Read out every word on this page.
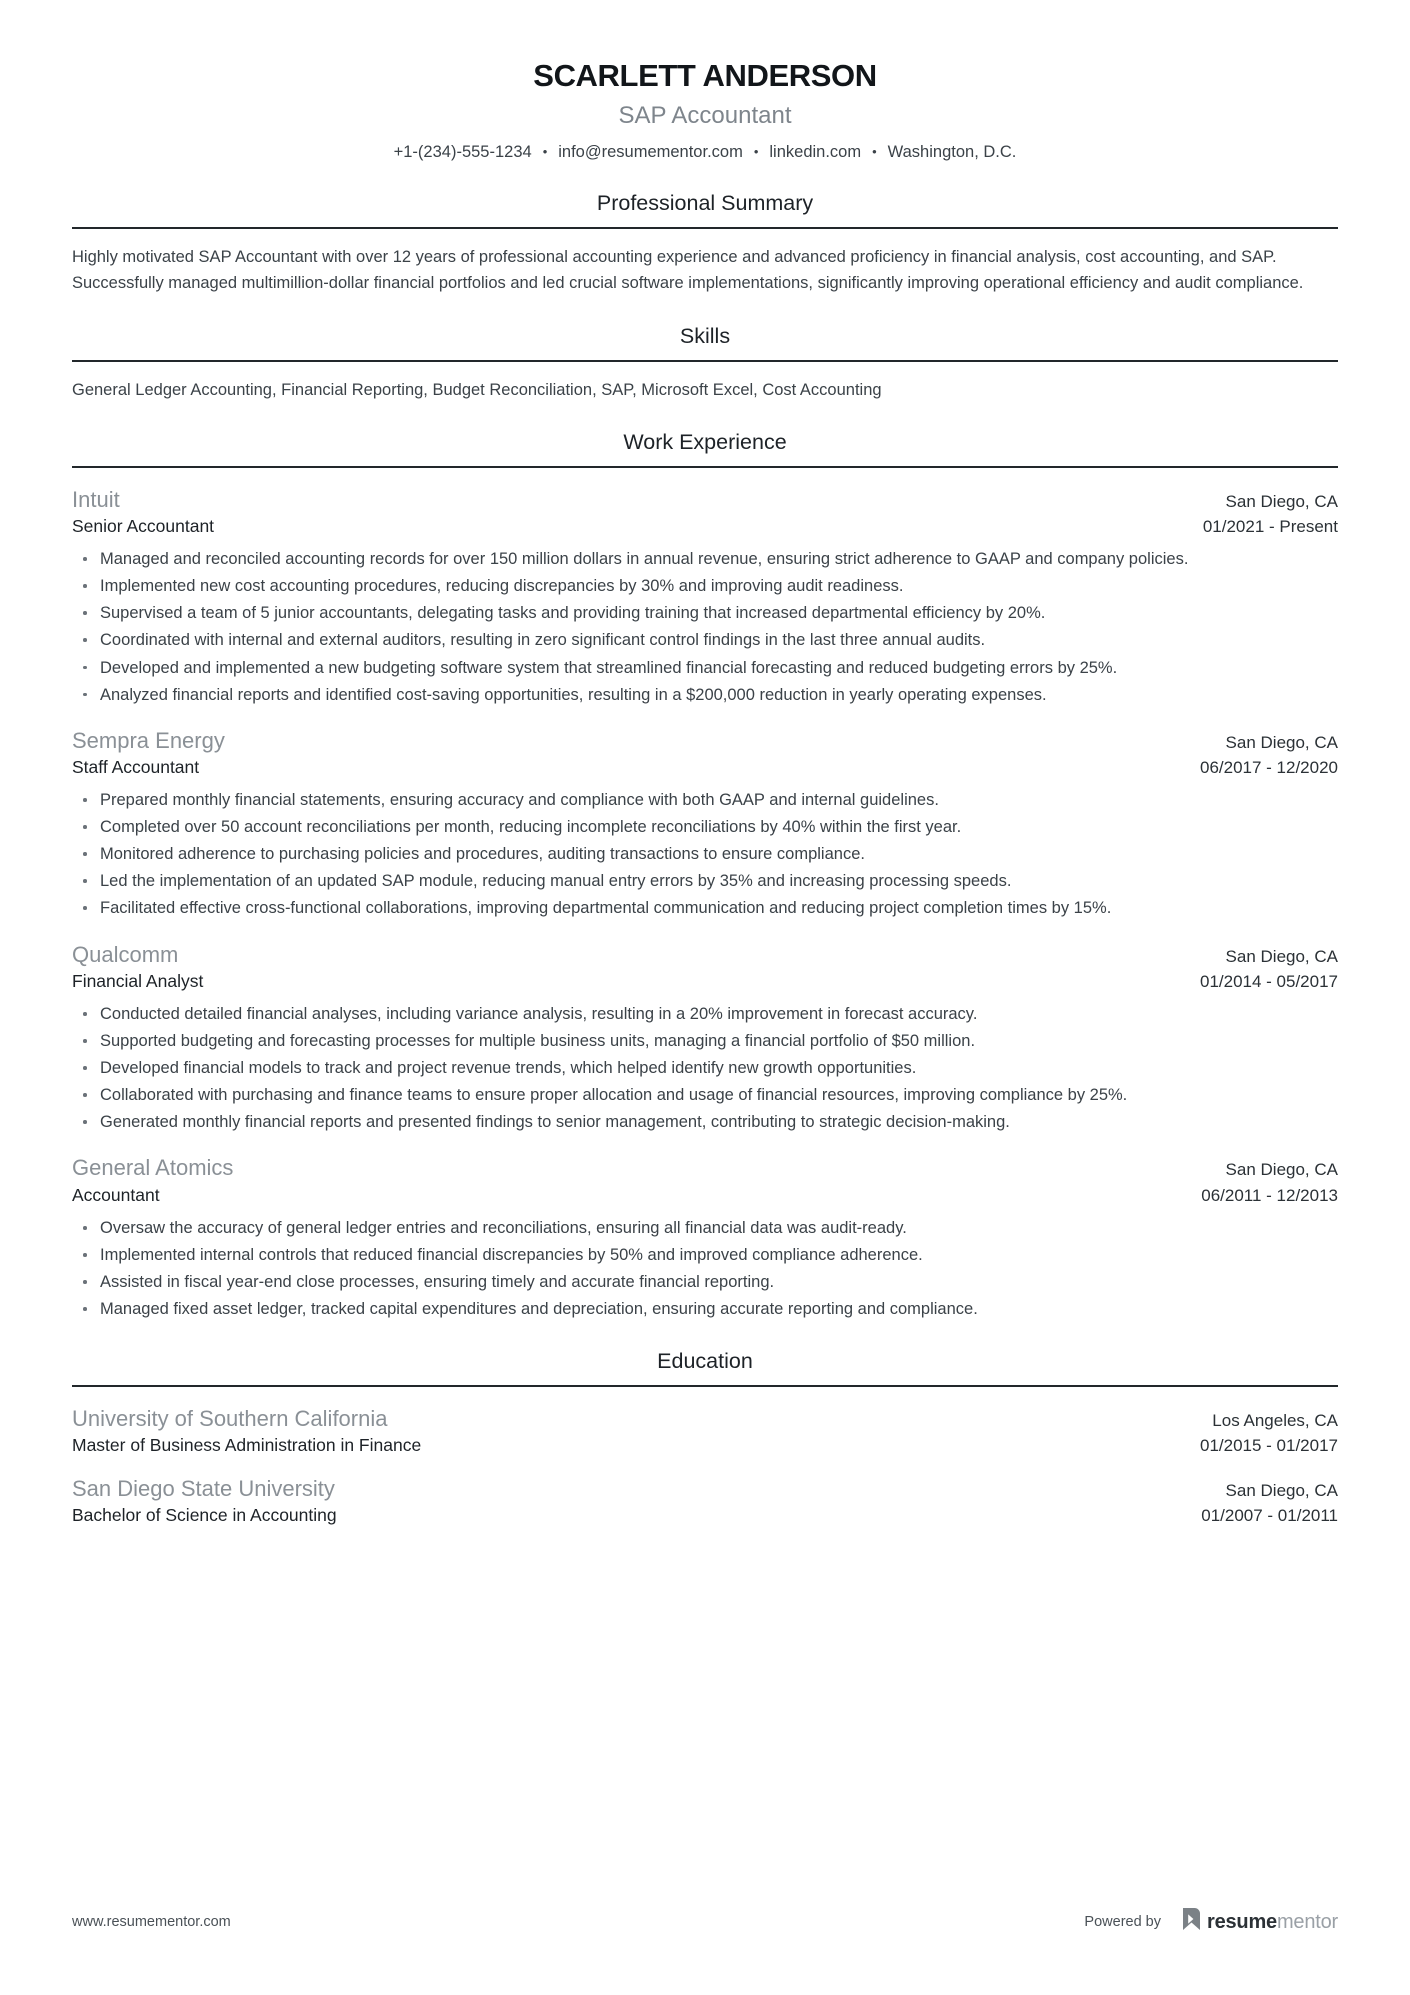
SCARLETT ANDERSON
SAP Accountant
+1-(234)-555-1234 • info@resumementor.com • linkedin.com • Washington, D.C.
Professional Summary

Highly motivated SAP Accountant with over 12 years of professional accounting experience and advanced proficiency in financial analysis, cost accounting, and SAP. Successfully managed multimillion-dollar financial portfolios and led crucial software implementations, significantly improving operational efficiency and audit compliance.

Skills

General Ledger Accounting, Financial Reporting, Budget Reconciliation, SAP, Microsoft Excel, Cost Accounting

Work Experience
Intuit	San Diego, CA
Senior Accountant	01/2021 - Present
Managed and reconciled accounting records for over 150 million dollars in annual revenue, ensuring strict adherence to GAAP and company policies.
Implemented new cost accounting procedures, reducing discrepancies by 30% and improving audit readiness.
Supervised a team of 5 junior accountants, delegating tasks and providing training that increased departmental efficiency by 20%.
Coordinated with internal and external auditors, resulting in zero significant control findings in the last three annual audits.
Developed and implemented a new budgeting software system that streamlined financial forecasting and reduced budgeting errors by 25%.
Analyzed financial reports and identified cost-saving opportunities, resulting in a $200,000 reduction in yearly operating expenses.
Sempra Energy	San Diego, CA
Staff Accountant	06/2017 - 12/2020
Prepared monthly financial statements, ensuring accuracy and compliance with both GAAP and internal guidelines.
Completed over 50 account reconciliations per month, reducing incomplete reconciliations by 40% within the first year.
Monitored adherence to purchasing policies and procedures, auditing transactions to ensure compliance.
Led the implementation of an updated SAP module, reducing manual entry errors by 35% and increasing processing speeds.
Facilitated effective cross-functional collaborations, improving departmental communication and reducing project completion times by 15%.
Qualcomm	San Diego, CA
Financial Analyst	01/2014 - 05/2017
Conducted detailed financial analyses, including variance analysis, resulting in a 20% improvement in forecast accuracy.
Supported budgeting and forecasting processes for multiple business units, managing a financial portfolio of $50 million.
Developed financial models to track and project revenue trends, which helped identify new growth opportunities.
Collaborated with purchasing and finance teams to ensure proper allocation and usage of financial resources, improving compliance by 25%.
Generated monthly financial reports and presented findings to senior management, contributing to strategic decision-making.
General Atomics	San Diego, CA
Accountant	06/2011 - 12/2013
Oversaw the accuracy of general ledger entries and reconciliations, ensuring all financial data was audit-ready.
Implemented internal controls that reduced financial discrepancies by 50% and improved compliance adherence.
Assisted in fiscal year-end close processes, ensuring timely and accurate financial reporting.
Managed fixed asset ledger, tracked capital expenditures and depreciation, ensuring accurate reporting and compliance.
Education
University of Southern California	Los Angeles, CA
Master of Business Administration in Finance	01/2015 - 01/2017
San Diego State University	San Diego, CA
Bachelor of Science in Accounting	01/2007 - 01/2011
www.resumementor.com	Powered by resumementor
